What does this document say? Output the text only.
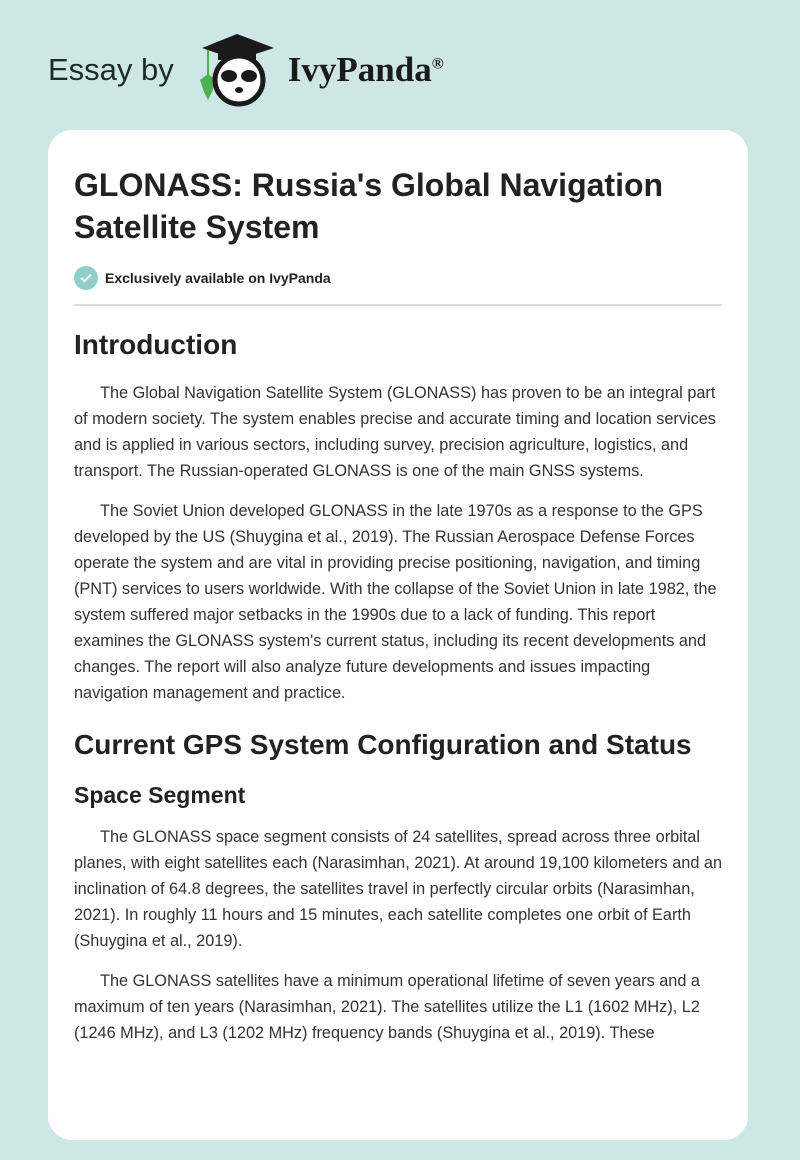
Essay by	IvyPanda®
GLONASS: Russia's Global Navigation Satellite System
Exclusively available on IvyPanda
Introduction

The Global Navigation Satellite System (GLONASS) has proven to be an integral part of modern society. The system enables precise and accurate timing and location services and is applied in various sectors, including survey, precision agriculture, logistics, and transport. The Russian-operated GLONASS is one of the main GNSS systems.

The Soviet Union developed GLONASS in the late 1970s as a response to the GPS developed by the US (Shuygina et al., 2019). The Russian Aerospace Defense Forces operate the system and are vital in providing precise positioning, navigation, and timing (PNT) services to users worldwide. With the collapse of the Soviet Union in late 1982, the system suffered major setbacks in the 1990s due to a lack of funding. This report examines the GLONASS system's current status, including its recent developments and changes. The report will also analyze future developments and issues impacting navigation management and practice.

Current GPS System Configuration and Status
Space Segment

The GLONASS space segment consists of 24 satellites, spread across three orbital planes, with eight satellites each (Narasimhan, 2021). At around 19,100 kilometers and an inclination of 64.8 degrees, the satellites travel in perfectly circular orbits (Narasimhan, 2021). In roughly 11 hours and 15 minutes, each satellite completes one orbit of Earth (Shuygina et al., 2019).

The GLONASS satellites have a minimum operational lifetime of seven years and a maximum of ten years (Narasimhan, 2021). The satellites utilize the L1 (1602 MHz), L2 (1246 MHz), and L3 (1202 MHz) frequency bands (Shuygina et al., 2019). These
